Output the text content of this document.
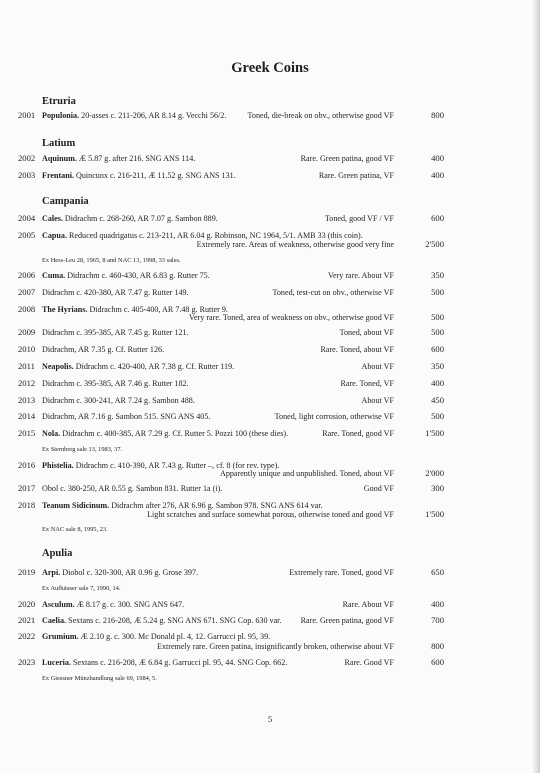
Greek Coins
Etruria
Latium
Campania
Apulia
2001 Populonia. 20-asses c. 211-206, AR 8.14 g. Vecchi 56/2.	Toned, die-break on obv., otherwise good VF	800
2002 Aquinum. Æ 5.87 g. after 216. SNG ANS 114.	Rare. Green patina, good VF	400
2003 Frentani. Quincunx c. 216-211, Æ 11.52 g. SNG ANS 131.	Rare. Green patina, VF	400
2004 Cales. Didrachm c. 268-260, AR 7.07 g. Sambon 889.	Toned, good VF / VF	600
2005 Capua. Reduced quadrigatus c. 213-211, AR 6.04 g. Robinson, NC 1964, 5/1. AMB 33 (this coin).
Extremely rare. Areas of weakness, otherwise good very fine	2'500
Ex Hess-Leu 28, 1965, 8 and NAC 13, 1998, 33 sales.
2006 Cuma. Didrachm c. 460-430, AR 6.83 g. Rutter 75.	Very rare. About VF	350
2007 Didrachm c. 420-380, AR 7.47 g. Rutter 149.	Toned, test-cut on obv., otherwise VF	500
2008 The Hyrians. Didrachm c. 405-400, AR 7.48 g. Rutter 9.
Very rare. Toned, area of weakness on obv., otherwise good VF	500
2009 Didrachm c. 395-385, AR 7.45 g. Rutter 121.	Toned, about VF	500
2010 Didrachm, AR 7.35 g. Cf. Rutter 126.	Rare. Toned, about VF	600
2011 Neapolis. Didrachm c. 420-400, AR 7.38 g. Cf. Rutter 119.	About VF	350
2012 Didrachm c. 395-385, AR 7.46 g. Rutter 182.	Rare. Toned, VF	400
2013 Didrachm c. 300-241, AR 7.24 g. Sambon 488.	About VF	450
2014 Didrachm, AR 7.16 g. Sambon 515. SNG ANS 405.	Toned, light corrosion, otherwise VF	500
2015 Nola. Didrachm c. 400-385, AR 7.29 g. Cf. Rutter 5. Pozzi 100 (these dies).	Rare. Toned, good VF	1'500
Ex Sternberg sale 13, 1983, 37.
2016 Phistelia. Didrachm c. 410-390, AR 7.43 g. Rutter –, cf. 8 (for rev. type).
Apparently unique and unpublished. Toned, about VF	2'000
2017 Obol c. 380-250, AR 0.55 g. Sambon 831. Rutter 1a (i).	Good VF	300
2018 Teanum Sidicinum. Didrachm after 276, AR 6.96 g. Sambon 978. SNG ANS 614 var.
Light scratches and surface somewhat porous, otherwise toned and good VF	1'500
Ex NAC sale 8, 1995, 23.
2019 Arpi. Diobol c. 320-300, AR 0.96 g. Grose 397.	Extremely rare. Toned, good VF	650
Ex Aufhäuser sale 7, 1990, 14.
2020 Asculum. Æ 8.17 g. c. 300. SNG ANS 647.	Rare. About VF	400
2021 Caelia. Sextans c. 216-208, Æ 5.24 g. SNG ANS 671. SNG Cop. 630 var.	Rare. Green patina, good VF	700
2022 Grumium. Æ 2.10 g. c. 300. Mc Donald pl. 4, 12. Garrucci pl. 95, 39.
Extremely rare. Green patina, insignificantly broken, otherwise about VF	800
2023 Luceria. Sextans c. 216-208, Æ 6.84 g. Garrucci pl. 95, 44. SNG Cop. 662.	Rare. Good VF	600
Ex Giessner Münzhandlung sale 69, 1984, 5.
5
